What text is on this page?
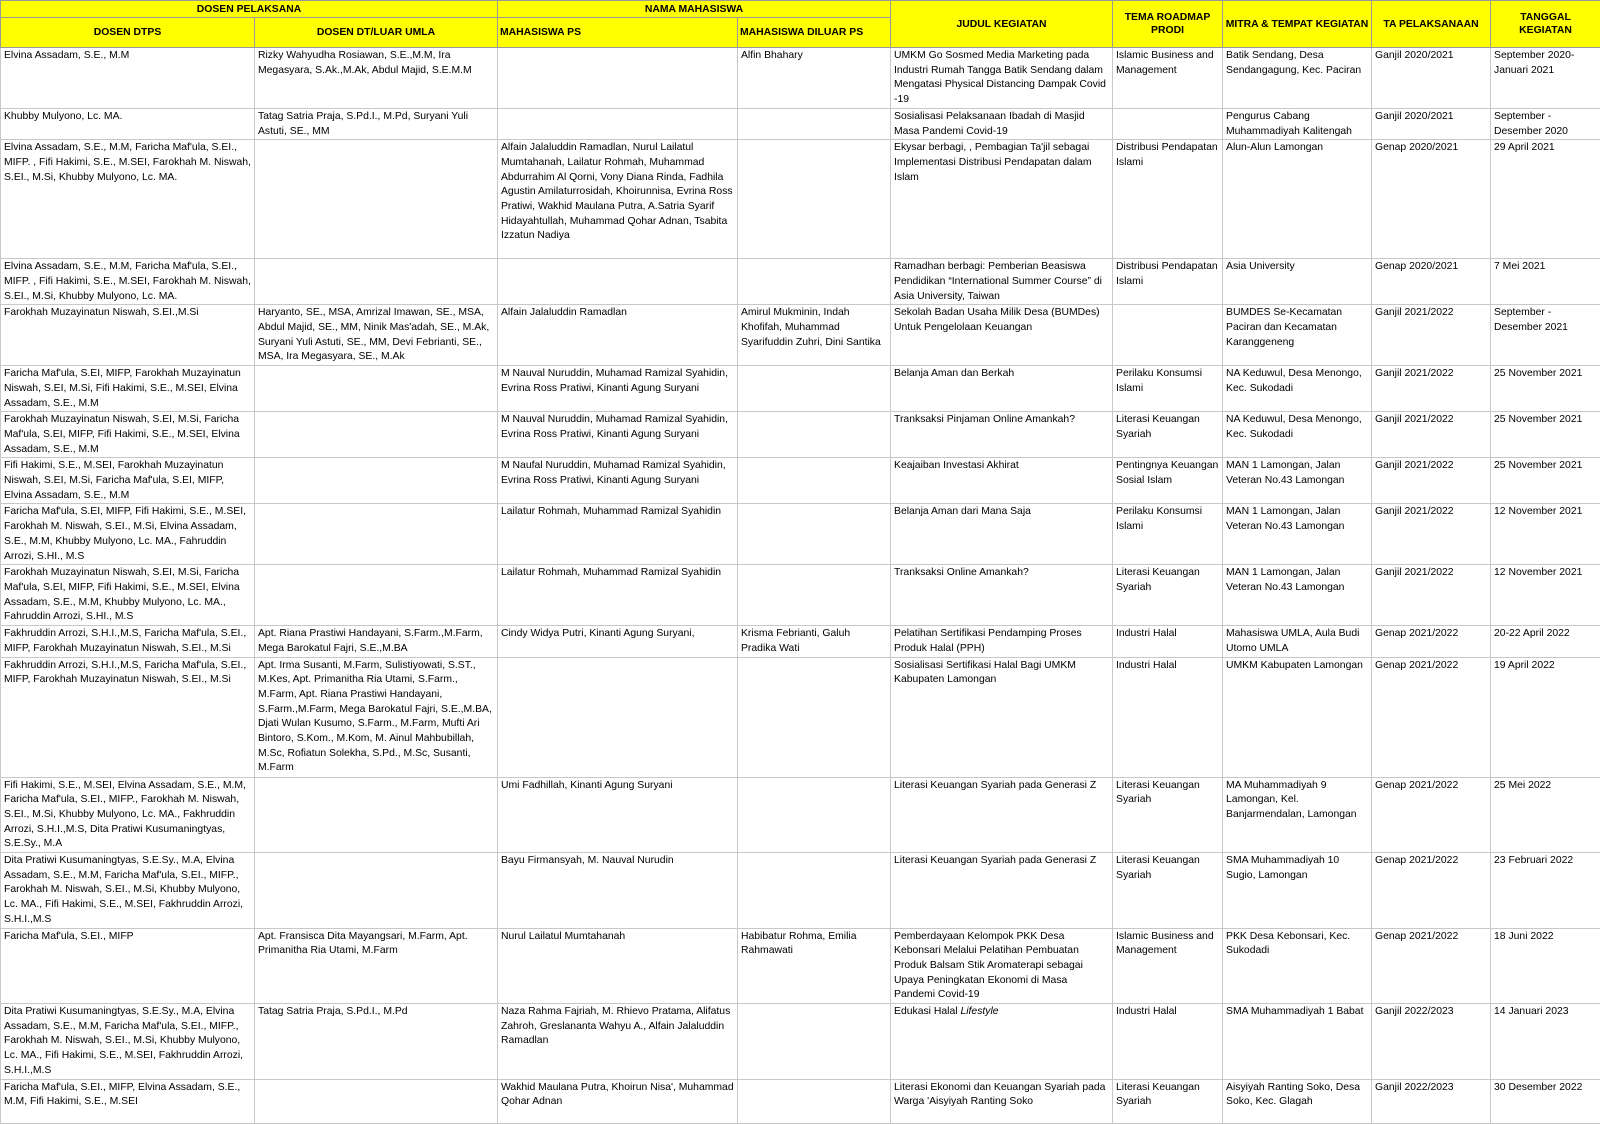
DOSEN PELAKSANA		NAMA MAHASISWA		JUDUL KEGIATAN	TEMA ROADMAP PRODI	MITRA & TEMPAT KEGIATAN	TA PELAKSANAAN	TANGGAL KEGIATAN
DOSEN DTPS	DOSEN DT/LUAR UMLA	MAHASISWA PS	MAHASISWA DILUAR PS					
Elvina Assadam, S.E., M.M	Rizky Wahyudha Rosiawan, S.E.,M.M, Ira Megasyara, S.Ak.,M.Ak, Abdul Majid, S.E.M.M		Alfin Bhahary	UMKM Go Sosmed Media Marketing pada Industri Rumah Tangga Batik Sendang dalam Mengatasi Physical Distancing Dampak Covid -19	Islamic Business and Management	Batik Sendang, Desa Sendangagung, Kec. Paciran	Ganjil 2020/2021	September 2020-Januari 2021
Khubby Mulyono, Lc. MA.	Tatag Satria Praja, S.Pd.I., M.Pd, Suryani Yuli Astuti, SE., MM			Sosialisasi Pelaksanaan Ibadah di Masjid Masa Pandemi Covid-19		Pengurus Cabang Muhammadiyah Kalitengah	Ganjil 2020/2021	September - Desember 2020
Elvina Assadam, S.E., M.M, Faricha Maf'ula, S.EI., MIFP. , Fifi Hakimi, S.E., M.SEI, Farokhah M. Niswah, S.EI., M.Si, Khubby Mulyono, Lc. MA.		Alfain Jalaluddin Ramadlan, Nurul Lailatul Mumtahanah, Lailatur Rohmah, Muhammad Abdurrahim Al Qorni, Vony Diana Rinda, Fadhila Agustin Amilaturrosidah, Khoirunnisa, Evrina Ross Pratiwi, Wakhid Maulana Putra, A.Satria Syarif Hidayahtullah, Muhammad Qohar Adnan, Tsabita Izzatun Nadiya		Ekysar berbagi, , Pembagian Ta'jil sebagai Implementasi Distribusi Pendapatan dalam Islam	Distribusi Pendapatan Islami	Alun-Alun Lamongan	Genap 2020/2021	29 April 2021
Elvina Assadam, S.E., M.M, Faricha Maf'ula, S.EI., MIFP. , Fifi Hakimi, S.E., M.SEI, Farokhah M. Niswah, S.EI., M.Si, Khubby Mulyono, Lc. MA.				Ramadhan berbagi: Pemberian Beasiswa Pendidikan “International Summer Course” di Asia University, Taiwan	Distribusi Pendapatan Islami	Asia University	Genap 2020/2021	7 Mei 2021
Farokhah Muzayinatun Niswah, S.EI.,M.Si	Haryanto, SE., MSA, Amrizal Imawan, SE., MSA, Abdul Majid, SE., MM, Ninik Mas'adah, SE., M.Ak, Suryani Yuli Astuti, SE., MM, Devi Febrianti, SE., MSA, Ira Megasyara, SE., M.Ak	Alfain Jalaluddin Ramadlan	Amirul Mukminin, Indah Khofifah, Muhammad Syarifuddin Zuhri, Dini Santika	Sekolah Badan Usaha Milik Desa (BUMDes) Untuk Pengelolaan Keuangan		BUMDES Se-Kecamatan Paciran dan Kecamatan Karanggeneng	Ganjil 2021/2022	September - Desember 2021
Faricha Maf'ula, S.EI, MIFP, Farokhah Muzayinatun Niswah, S.EI, M.Si, Fifi Hakimi, S.E., M.SEI, Elvina Assadam, S.E., M.M		M Nauval Nuruddin, Muhamad Ramizal Syahidin, Evrina Ross Pratiwi, Kinanti Agung Suryani		Belanja Aman dan Berkah	Perilaku Konsumsi Islami	NA Keduwul, Desa Menongo, Kec. Sukodadi	Ganjil 2021/2022	25 November 2021
Farokhah Muzayinatun Niswah, S.EI, M.Si, Faricha Maf'ula, S.EI, MIFP, Fifi Hakimi, S.E., M.SEI, Elvina Assadam, S.E., M.M		M Nauval Nuruddin, Muhamad Ramizal Syahidin, Evrina Ross Pratiwi, Kinanti Agung Suryani		Tranksaksi Pinjaman Online Amankah?	Literasi Keuangan Syariah	NA Keduwul, Desa Menongo, Kec. Sukodadi	Ganjil 2021/2022	25 November 2021
Fifi Hakimi, S.E., M.SEI, Farokhah Muzayinatun Niswah, S.EI, M.Si, Faricha Maf'ula, S.EI, MIFP, Elvina Assadam, S.E., M.M		M Naufal Nuruddin, Muhamad Ramizal Syahidin, Evrina Ross Pratiwi, Kinanti Agung Suryani		Keajaiban Investasi Akhirat	Pentingnya Keuangan Sosial Islam	MAN 1 Lamongan, Jalan Veteran No.43 Lamongan	Ganjil 2021/2022	25 November 2021
Faricha Maf'ula, S.EI, MIFP, Fifi Hakimi, S.E., M.SEI, Farokhah M. Niswah, S.EI., M.Si, Elvina Assadam, S.E., M.M, Khubby Mulyono, Lc. MA., Fahruddin Arrozi, S.HI., M.S		Lailatur Rohmah, Muhammad Ramizal Syahidin		Belanja Aman dari Mana Saja	Perilaku Konsumsi Islami	MAN 1 Lamongan, Jalan Veteran No.43 Lamongan	Ganjil 2021/2022	12 November 2021
Farokhah Muzayinatun Niswah, S.EI, M.Si, Faricha Maf'ula, S.EI, MIFP, Fifi Hakimi, S.E., M.SEI, Elvina Assadam, S.E., M.M, Khubby Mulyono, Lc. MA., Fahruddin Arrozi, S.HI., M.S		Lailatur Rohmah, Muhammad Ramizal Syahidin		Tranksaksi Online Amankah?	Literasi Keuangan Syariah	MAN 1 Lamongan, Jalan Veteran No.43 Lamongan	Ganjil 2021/2022	12 November 2021
Fakhruddin Arrozi, S.H.I.,M.S, Faricha Maf'ula, S.EI., MIFP, Farokhah Muzayinatun Niswah, S.EI., M.Si	Apt. Riana Prastiwi Handayani, S.Farm.,M.Farm, Mega Barokatul Fajri, S.E.,M.BA	Cindy Widya Putri, Kinanti Agung Suryani,	Krisma Febrianti, Galuh Pradika Wati	Pelatihan Sertifikasi Pendamping Proses Produk Halal (PPH)	Industri Halal	Mahasiswa UMLA, Aula Budi Utomo UMLA	Genap 2021/2022	20-22 April 2022
Fakhruddin Arrozi, S.H.I.,M.S, Faricha Maf'ula, S.EI., MIFP, Farokhah Muzayinatun Niswah, S.EI., M.Si	Apt. Irma Susanti, M.Farm, Sulistiyowati, S.ST., M.Kes, Apt. Primanitha Ria Utami, S.Farm., M.Farm, Apt. Riana Prastiwi Handayani, S.Farm.,M.Farm, Mega Barokatul Fajri, S.E.,M.BA, Djati Wulan Kusumo, S.Farm., M.Farm, Mufti Ari Bintoro, S.Kom., M.Kom, M. Ainul Mahbubillah, M.Sc, Rofiatun Solekha, S.Pd., M.Sc, Susanti, M.Farm			Sosialisasi Sertifikasi Halal Bagi UMKM Kabupaten Lamongan	Industri Halal	UMKM Kabupaten Lamongan	Genap 2021/2022	19 April 2022
Fifi Hakimi, S.E., M.SEI, Elvina Assadam, S.E., M.M, Faricha Maf'ula, S.EI., MIFP., Farokhah M. Niswah, S.EI., M.Si, Khubby Mulyono, Lc. MA., Fakhruddin Arrozi, S.H.I.,M.S, Dita Pratiwi Kusumaningtyas, S.E.Sy., M.A		Umi Fadhillah, Kinanti Agung Suryani		Literasi Keuangan Syariah pada Generasi Z	Literasi Keuangan Syariah	MA Muhammadiyah 9 Lamongan, Kel. Banjarmendalan, Lamongan	Genap 2021/2022	25 Mei 2022
Dita Pratiwi Kusumaningtyas, S.E.Sy., M.A, Elvina Assadam, S.E., M.M, Faricha Maf'ula, S.EI., MIFP., Farokhah M. Niswah, S.EI., M.Si, Khubby Mulyono, Lc. MA., Fifi Hakimi, S.E., M.SEI, Fakhruddin Arrozi, S.H.I.,M.S		Bayu Firmansyah, M. Nauval Nurudin		Literasi Keuangan Syariah pada Generasi Z	Literasi Keuangan Syariah	SMA Muhammadiyah 10 Sugio, Lamongan	Genap 2021/2022	23 Februari 2022
Faricha Maf'ula, S.EI., MIFP	Apt. Fransisca Dita Mayangsari, M.Farm, Apt. Primanitha Ria Utami, M.Farm	Nurul Lailatul Mumtahanah	Habibatur Rohma, Emilia Rahmawati	Pemberdayaan Kelompok PKK Desa Kebonsari Melalui Pelatihan Pembuatan Produk Balsam Stik Aromaterapi sebagai Upaya Peningkatan Ekonomi di Masa Pandemi Covid-19	Islamic Business and Management	PKK Desa Kebonsari, Kec. Sukodadi	Genap 2021/2022	18 Juni 2022
Dita Pratiwi Kusumaningtyas, S.E.Sy., M.A, Elvina Assadam, S.E., M.M, Faricha Maf'ula, S.EI., MIFP., Farokhah M. Niswah, S.EI., M.Si, Khubby Mulyono, Lc. MA., Fifi Hakimi, S.E., M.SEI, Fakhruddin Arrozi, S.H.I.,M.S	Tatag Satria Praja, S.Pd.I., M.Pd	Naza Rahma Fajriah, M. Rhievo Pratama, Alifatus Zahroh, Greslananta Wahyu A., Alfain Jalaluddin Ramadlan		Edukasi Halal Lifestyle	Industri Halal	SMA Muhammadiyah 1 Babat	Ganjil 2022/2023	14 Januari 2023
Faricha Maf'ula, S.EI., MIFP, Elvina Assadam, S.E., M.M, Fifi Hakimi, S.E., M.SEI		Wakhid Maulana Putra, Khoirun Nisa', Muhammad Qohar Adnan		Literasi Ekonomi dan Keuangan Syariah pada Warga 'Aisyiyah Ranting Soko	Literasi Keuangan Syariah	Aisyiyah Ranting Soko, Desa Soko, Kec. Glagah	Ganjil 2022/2023	30 Desember 2022
